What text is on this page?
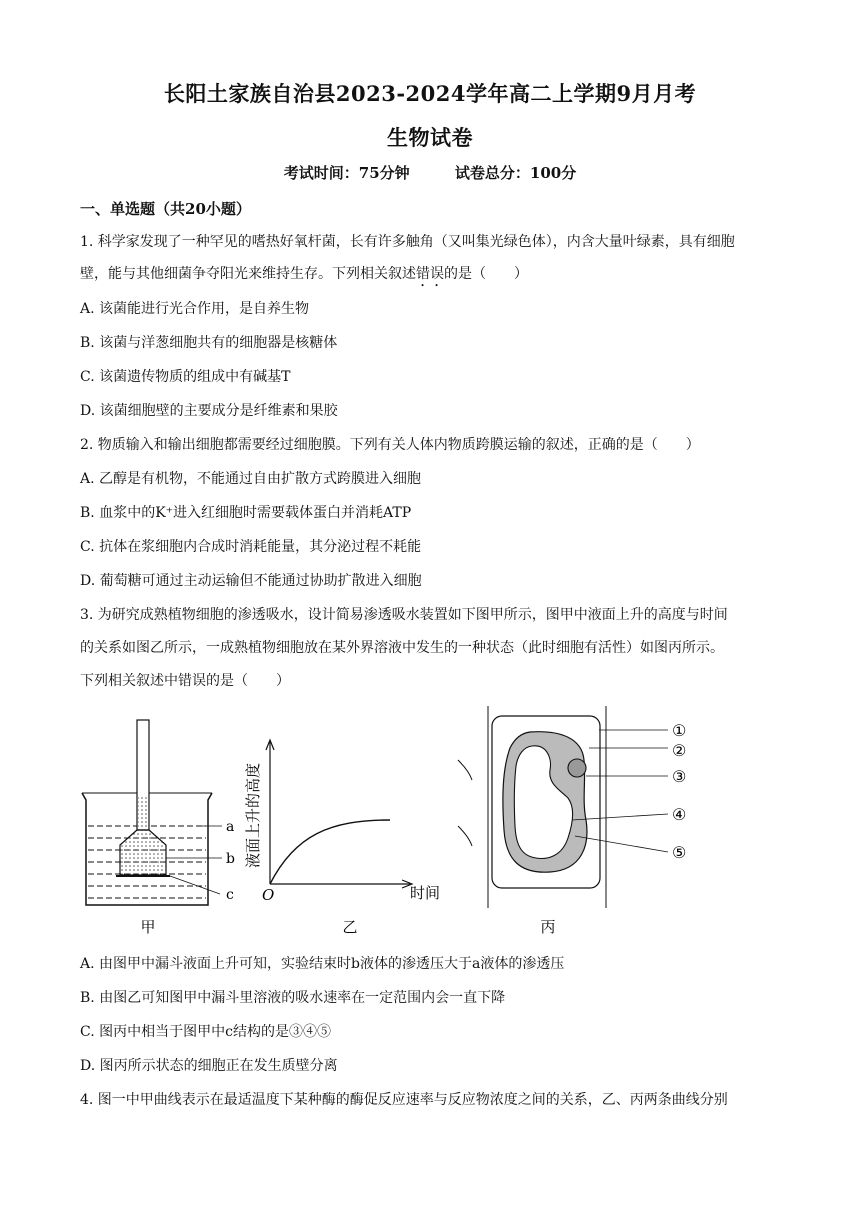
长阳土家族自治县2023-2024学年高二上学期9月月考
生物试卷
考试时间：75分钟	试卷总分：100分
一、单选题（共20小题）
1. 科学家发现了一种罕见的嗜热好氧杆菌，长有许多触角（又叫集光绿色体），内含大量叶绿素，具有细胞
壁，能与其他细菌争夺阳光来维持生存。下列相关叙述错误的是（　　）
A. 该菌能进行光合作用，是自养生物
B. 该菌与洋葱细胞共有的细胞器是核糖体
C. 该菌遗传物质的组成中有碱基T
D. 该菌细胞壁的主要成分是纤维素和果胶
2. 物质输入和输出细胞都需要经过细胞膜。下列有关人体内物质跨膜运输的叙述，正确的是（　　）
A. 乙醇是有机物，不能通过自由扩散方式跨膜进入细胞
B. 血浆中的K⁺进入红细胞时需要载体蛋白并消耗ATP
C. 抗体在浆细胞内合成时消耗能量，其分泌过程不耗能
D. 葡萄糖可通过主动运输但不能通过协助扩散进入细胞
3. 为研究成熟植物细胞的渗透吸水，设计简易渗透吸水装置如下图甲所示，图甲中液面上升的高度与时间
的关系如图乙所示，一成熟植物细胞放在某外界溶液中发生的一种状态（此时细胞有活性）如图丙所示。
下列相关叙述中错误的是（　　）
a
b
c
甲
液面上升的高度
时间
O
乙
①
②
③
④
⑤
丙
A. 由图甲中漏斗液面上升可知，实验结束时b液体的渗透压大于a液体的渗透压
B. 由图乙可知图甲中漏斗里溶液的吸水速率在一定范围内会一直下降
C. 图丙中相当于图甲中c结构的是③④⑤
D. 图丙所示状态的细胞正在发生质壁分离
4. 图一中甲曲线表示在最适温度下某种酶的酶促反应速率与反应物浓度之间的关系，乙、丙两条曲线分别
